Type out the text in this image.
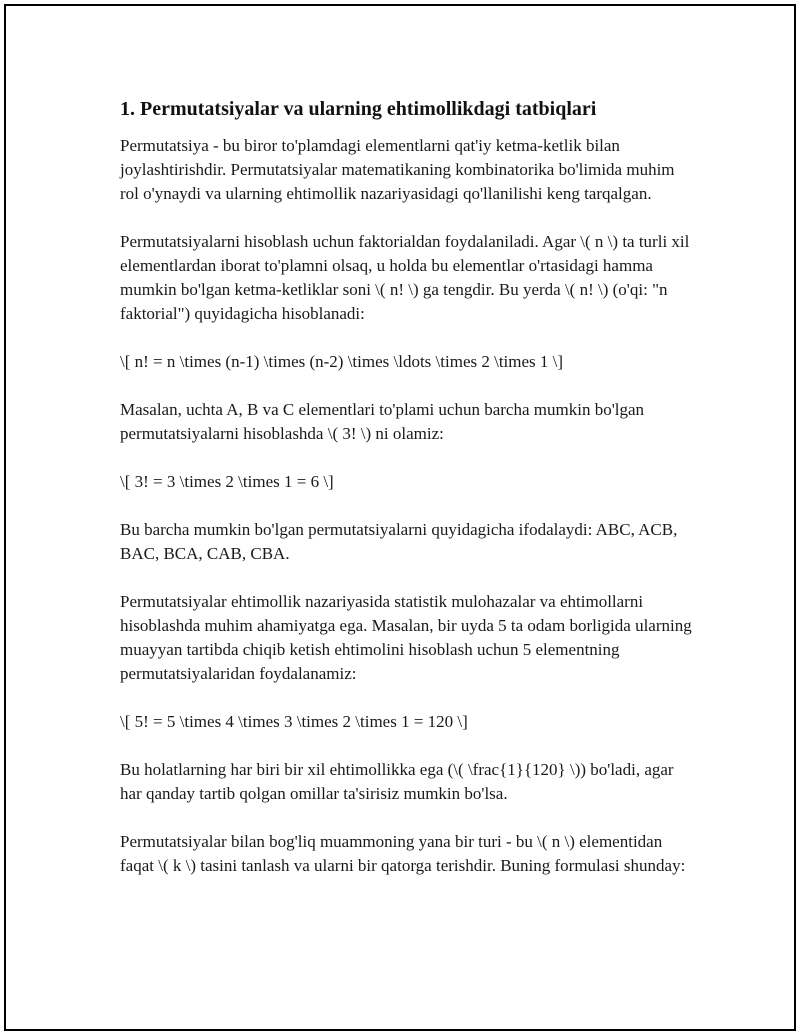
1. Permutatsiyalar va ularning ehtimollikdagi tatbiqlari

Permutatsiya - bu biror to'plamdagi elementlarni qat'iy ketma-ketlik bilan joylashtirishdir. Permutatsiyalar matematikaning kombinatorika bo'limida muhim rol o'ynaydi va ularning ehtimollik nazariyasidagi qo'llanilishi keng tarqalgan.

Permutatsiyalarni hisoblash uchun faktorialdan foydalaniladi. Agar \( n \) ta turli xil elementlardan iborat to'plamni olsaq, u holda bu elementlar o'rtasidagi hamma mumkin bo'lgan ketma-ketliklar soni \( n! \) ga tengdir. Bu yerda \( n! \) (o'qi: "n faktorial") quyidagicha hisoblanadi:

\[ n! = n \times (n-1) \times (n-2) \times \ldots \times 2 \times 1 \]

Masalan, uchta A, B va C elementlari to'plami uchun barcha mumkin bo'lgan permutatsiyalarni hisoblashda \( 3! \) ni olamiz:

\[ 3! = 3 \times 2 \times 1 = 6 \]

Bu barcha mumkin bo'lgan permutatsiyalarni quyidagicha ifodalaydi: ABC, ACB, BAC, BCA, CAB, CBA.

Permutatsiyalar ehtimollik nazariyasida statistik mulohazalar va ehtimollarni hisoblashda muhim ahamiyatga ega. Masalan, bir uyda 5 ta odam borligida ularning muayyan tartibda chiqib ketish ehtimolini hisoblash uchun 5 elementning permutatsiyalaridan foydalanamiz:

\[ 5! = 5 \times 4 \times 3 \times 2 \times 1 = 120 \]

Bu holatlarning har biri bir xil ehtimollikka ega (\( \frac{1}{120} \)) bo'ladi, agar har qanday tartib qolgan omillar ta'sirisiz mumkin bo'lsa.

Permutatsiyalar bilan bog'liq muammoning yana bir turi - bu \( n \) elementidan faqat \( k \) tasini tanlash va ularni bir qatorga terishdir. Buning formulasi shunday:
